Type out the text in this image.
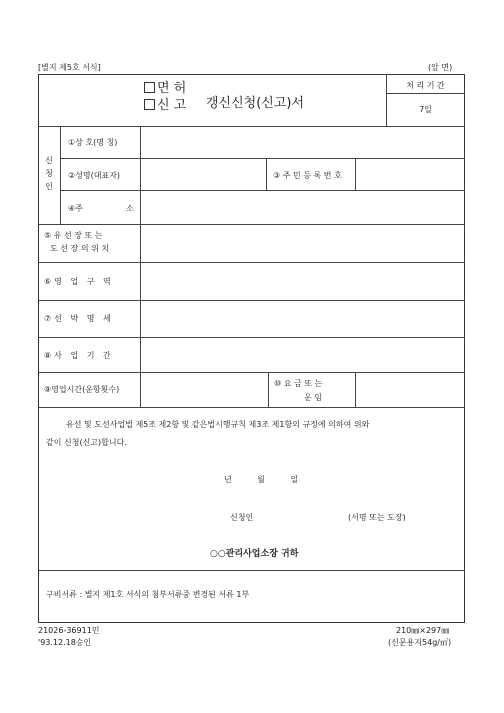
[별지 제5호 서식]	(앞 면)
면 허
신 고 갱신신청(신고)서
처 리 기 간
7일
신
청
인
①상 호(명 칭)
②성명(대표자)	③ 주 민 등 록 번 호
④주	소
⑤ 유 선 장 또 는
도 선 장 의 위 치
⑥영 업 구 역
⑦선 박 명 세
⑧사 업 기 간
⑨영업시간(운항횟수)
⑩ 요 금 또 는
운 임
유선 및 도선사업법 제5조 제2항 및 같은법시행규칙 제3조 제1항의 규정에 의하여 위와
같이 신청(신고)합니다.
년          월          일
신청인	(서명 또는 도장)
○○관리사업소장 귀하
구비서류 : 별지 제1호 서식의 첨부서류중 변경된 서류 1부
21026-36911민
'93.12.18승인
210㎜×297㎜
(신문용지54g/㎡)
